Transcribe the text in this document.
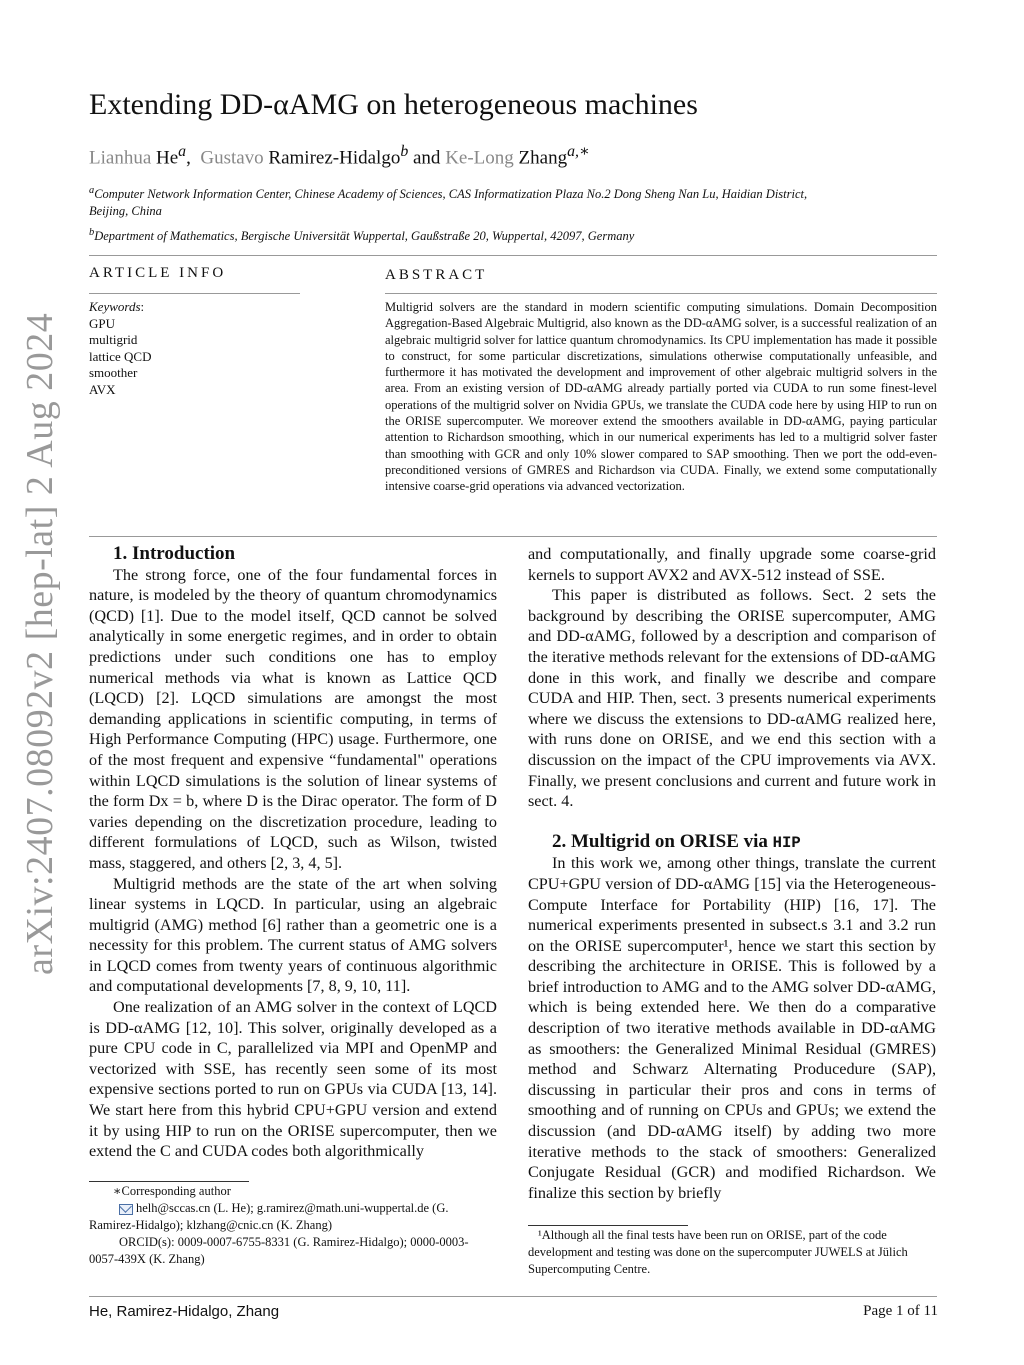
arXiv:2407.08092v2 [hep-lat] 2 Aug 2024
Extending DD-αAMG on heterogeneous machines
Lianhua He$^a$,  Gustavo Ramirez-Hidalgo$^b$ and Ke-Long Zhang$^{a,∗}$

$^a$Computer Network Information Center, Chinese Academy of Sciences, CAS Informatization Plaza No.2 Dong Sheng Nan Lu, Haidian District, Beijing, China

$^b$Department of Mathematics, Bergische Universität Wuppertal, Gaußstraße 20, Wuppertal, 42097, Germany

ARTICLE INFO	ABSTRACT
Keywords:
GPU
multigrid
lattice QCD
smoother
AVX

Multigrid solvers are the standard in modern scientific computing simulations. Domain Decomposition Aggregation-Based Algebraic Multigrid, also known as the DD-αAMG solver, is a successful realization of an algebraic multigrid solver for lattice quantum chromodynamics. Its CPU implementation has made it possible to construct, for some particular discretizations, simulations otherwise computationally unfeasible, and furthermore it has motivated the development and improvement of other algebraic multigrid solvers in the area. From an existing version of DD-αAMG already partially ported via CUDA to run some finest-level operations of the multigrid solver on Nvidia GPUs, we translate the CUDA code here by using HIP to run on the ORISE supercomputer. We moreover extend the smoothers available in DD-αAMG, paying particular attention to Richardson smoothing, which in our numerical experiments has led to a multigrid solver faster than smoothing with GCR and only 10% slower compared to SAP smoothing. Then we port the odd-even-preconditioned versions of GMRES and Richardson via CUDA. Finally, we extend some computationally intensive coarse-grid operations via advanced vectorization.

1. Introduction

The strong force, one of the four fundamental forces in nature, is modeled by the theory of quantum chromodynamics (QCD) [1]. Due to the model itself, QCD cannot be solved analytically in some energetic regimes, and in order to obtain predictions under such conditions one has to employ numerical methods via what is known as Lattice QCD (LQCD) [2]. LQCD simulations are amongst the most demanding applications in scientific computing, in terms of High Performance Computing (HPC) usage. Furthermore, one of the most frequent and expensive “fundamental" operations within LQCD simulations is the solution of linear systems of the form Dx = b, where D is the Dirac operator. The form of D varies depending on the discretization procedure, leading to different formulations of LQCD, such as Wilson, twisted mass, staggered, and others [2, 3, 4, 5].

Multigrid methods are the state of the art when solving linear systems in LQCD. In particular, using an algebraic multigrid (AMG) method [6] rather than a geometric one is a necessity for this problem. The current status of AMG solvers in LQCD comes from twenty years of continuous algorithmic and computational developments [7, 8, 9, 10, 11].

One realization of an AMG solver in the context of LQCD is DD-αAMG [12, 10]. This solver, originally developed as a pure CPU code in C, parallelized via MPI and OpenMP and vectorized with SSE, has recently seen some of its most expensive sections ported to run on GPUs via CUDA [13, 14]. We start here from this hybrid CPU+GPU version and extend it by using HIP to run on the ORISE supercomputer, then we extend the C and CUDA codes both algorithmically

and computationally, and finally upgrade some coarse-grid kernels to support AVX2 and AVX-512 instead of SSE.

This paper is distributed as follows. Sect. 2 sets the background by describing the ORISE supercomputer, AMG and DD-αAMG, followed by a description and comparison of the iterative methods relevant for the extensions of DD-αAMG done in this work, and finally we describe and compare CUDA and HIP. Then, sect. 3 presents numerical experiments where we discuss the extensions to DD-αAMG realized here, with runs done on ORISE, and we end this section with a discussion on the impact of the CPU improvements via AVX. Finally, we present conclusions and current and future work in sect. 4.

2. Multigrid on ORISE via HIP

In this work we, among other things, translate the current CPU+GPU version of DD-αAMG [15] via the Heterogeneous-Compute Interface for Portability (HIP) [16, 17]. The numerical experiments presented in subsect.s 3.1 and 3.2 run on the ORISE supercomputer¹, hence we start this section by describing the architecture in ORISE. This is followed by a brief introduction to AMG and to the AMG solver DD-αAMG, which is being extended here. We then do a comparative description of two iterative methods available in DD-αAMG as smoothers: the Generalized Minimal Residual (GMRES) method and Schwarz Alternating Producedure (SAP), discussing in particular their pros and cons in terms of smoothing and of running on CPUs and GPUs; we extend the discussion (and DD-αAMG itself) by adding two more iterative methods to the stack of smoothers: Generalized Conjugate Residual (GCR) and modified Richardson. We finalize this section by briefly

∗Corresponding author
helh@sccas.cn (L. He); g.ramirez@math.uni-wuppertal.de (G. Ramirez-Hidalgo); klzhang@cnic.cn (K. Zhang)
ORCID(s): 0009-0007-6755-8331 (G. Ramirez-Hidalgo); 0000-0003-0057-439X (K. Zhang)
¹Although all the final tests have been run on ORISE, part of the code development and testing was done on the supercomputer JUWELS at Jülich Supercomputing Centre.
He, Ramirez-Hidalgo, Zhang	Page 1 of 11
